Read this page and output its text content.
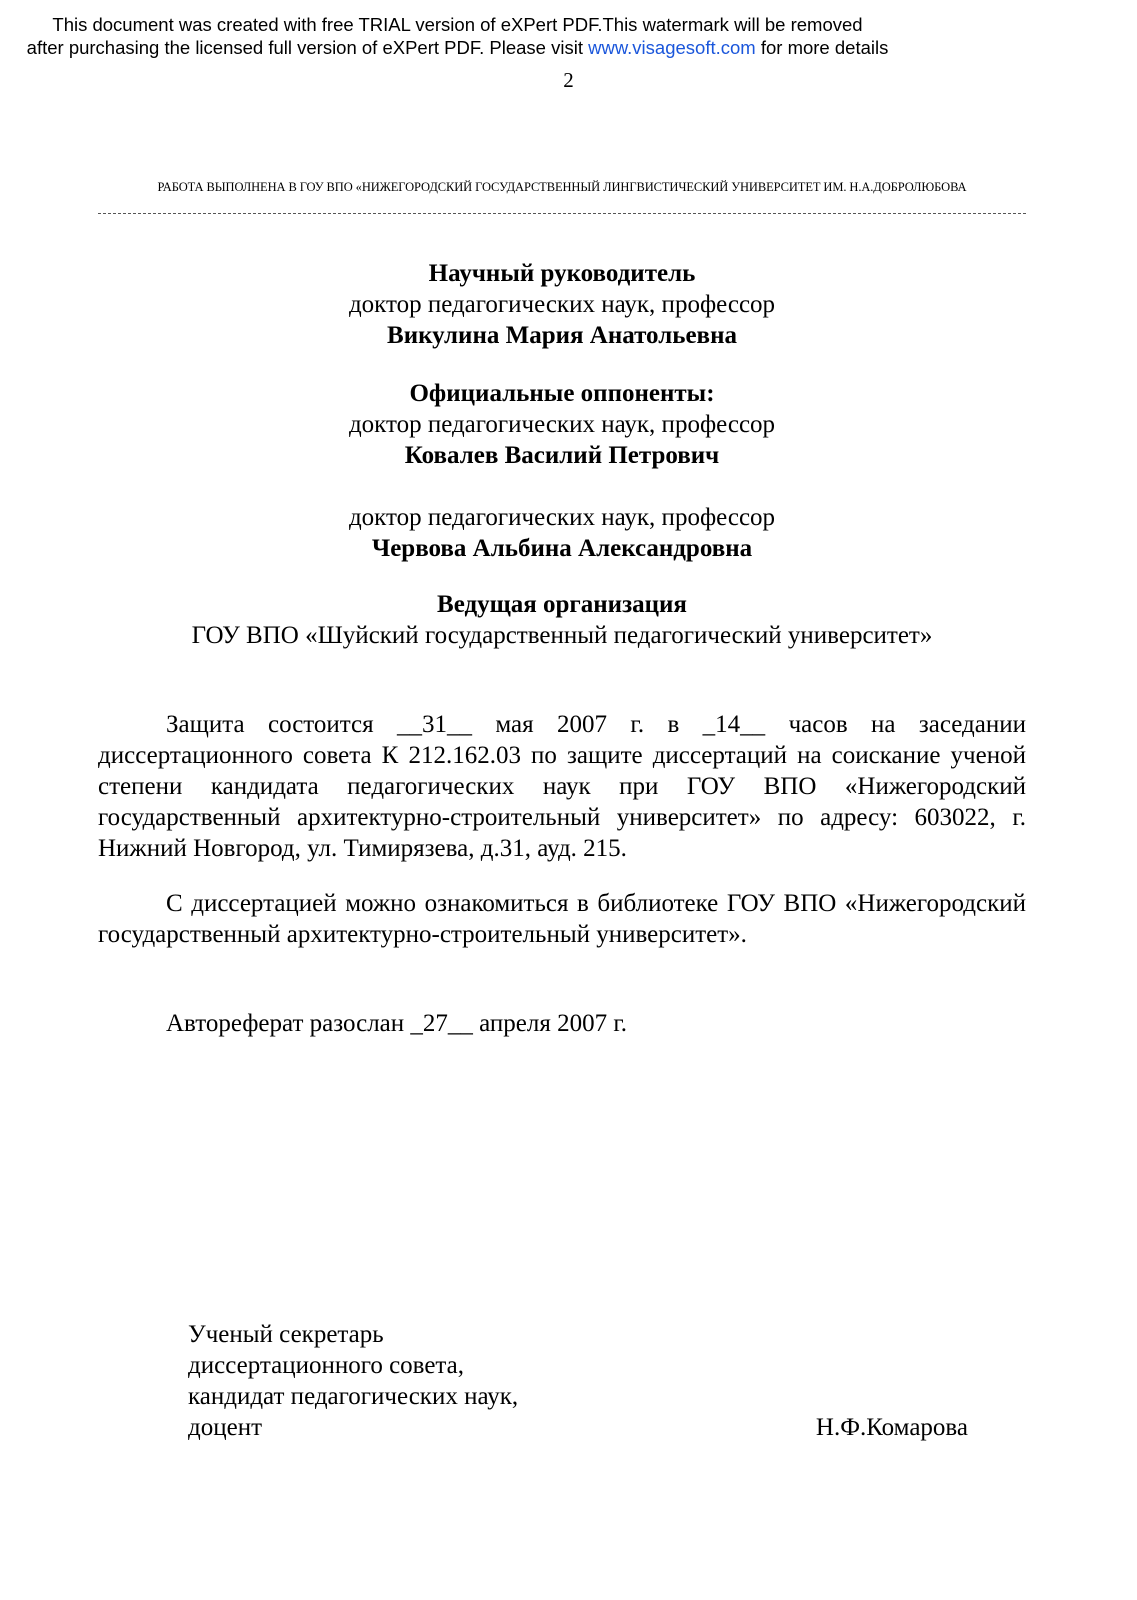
This document was created with free TRIAL version of eXPert PDF.This watermark will be removed
after purchasing the licensed full version of eXPert PDF. Please visit www.visagesoft.com for more details
2
РАБОТА ВЫПОЛНЕНА В ГОУ ВПО «НИЖЕГОРОДСКИЙ ГОСУДАРСТВЕННЫЙ ЛИНГВИСТИЧЕСКИЙ УНИВЕРСИТЕТ ИМ. Н.А.ДОБРОЛЮБОВА
Научный руководитель
доктор педагогических наук, профессор
Викулина Мария Анатольевна
Официальные оппоненты:
доктор педагогических наук, профессор
Ковалев Василий Петрович
доктор педагогических наук, профессор
Червова Альбина Александровна
Ведущая организация
ГОУ ВПО «Шуйский государственный педагогический университет»
Защита состоится __31__ мая 2007 г. в _14__ часов на заседании диссертационного совета К 212.162.03 по защите диссертаций на соискание ученой степени кандидата педагогических наук при ГОУ ВПО «Нижегородский государственный архитектурно-строительный университет» по адресу: 603022, г. Нижний Новгород, ул. Тимирязева, д.31, ауд. 215.
С диссертацией можно ознакомиться в библиотеке ГОУ ВПО «Нижегородский государственный архитектурно-строительный университет».
Автореферат разослан _27__ апреля 2007 г.
Ученый секретарь
диссертационного совета,
кандидат педагогических наук,
доцент	Н.Ф.Комарова
